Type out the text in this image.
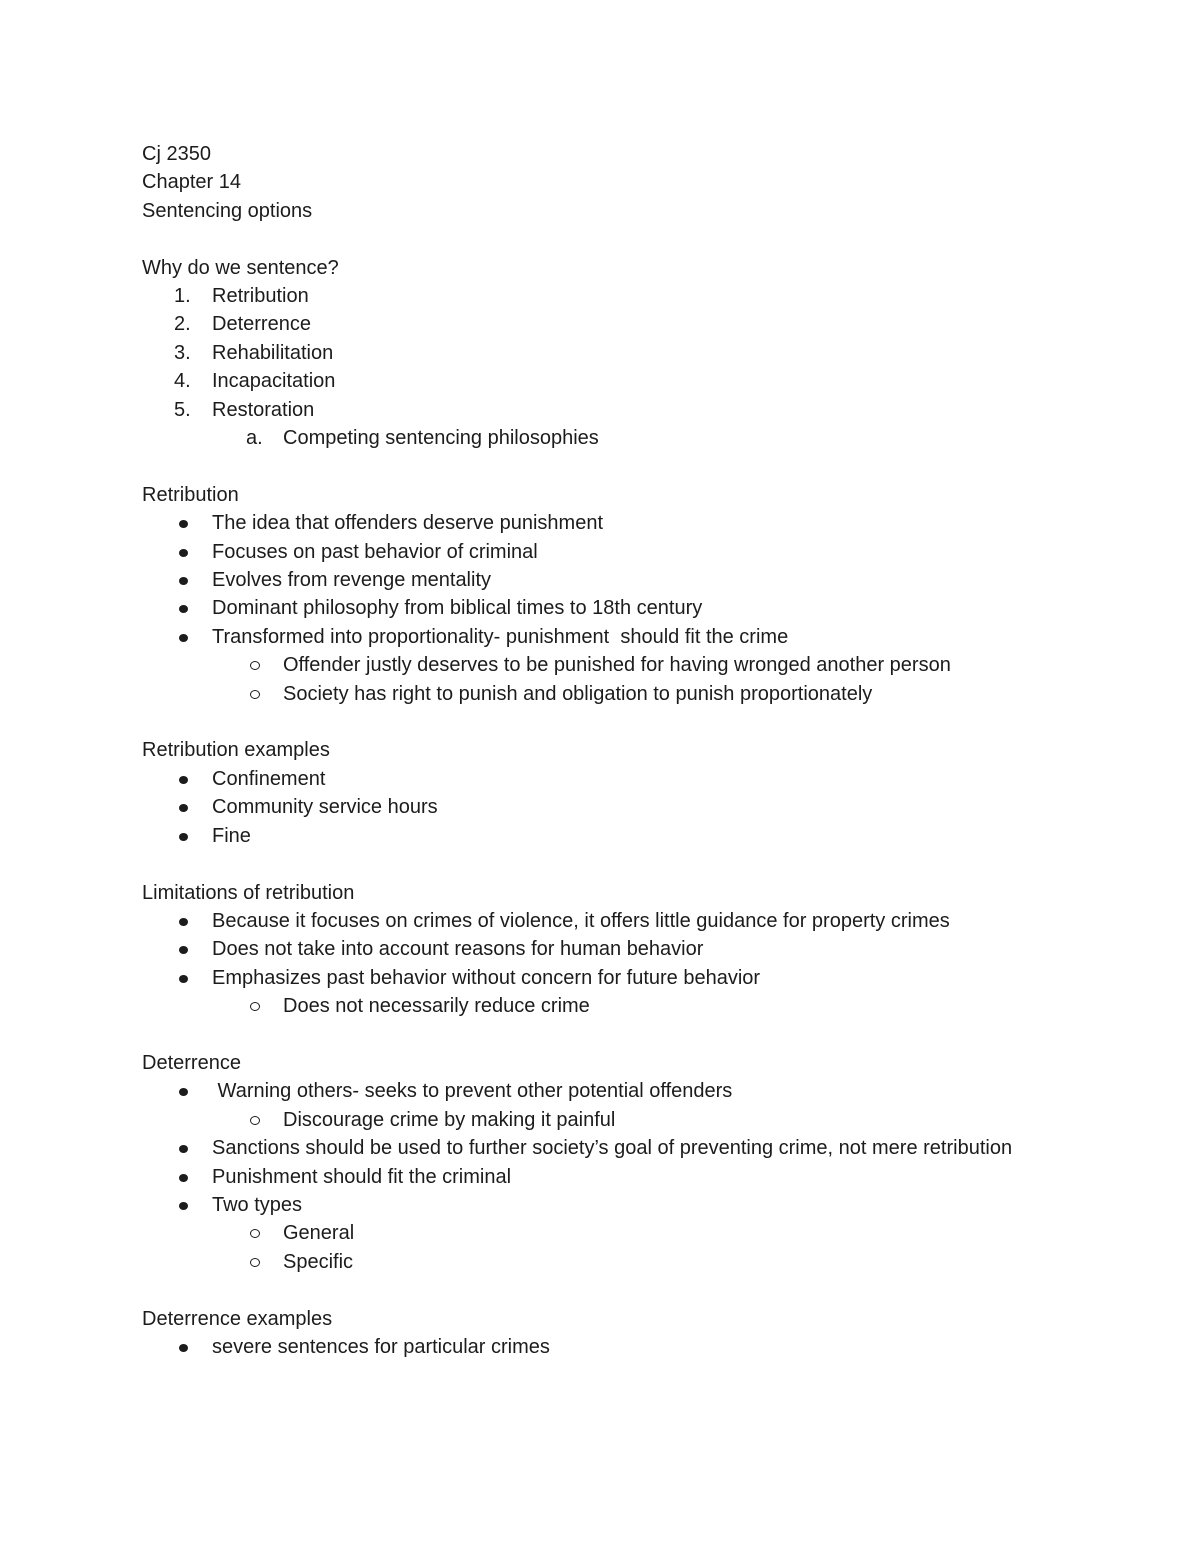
Cj 2350
Chapter 14
Sentencing options
Why do we sentence?
1.	Retribution
2.	Deterrence
3.	Rehabilitation
4.	Incapacitation
5.	Restoration
a.	Competing sentencing philosophies
Retribution
The idea that offenders deserve punishment
Focuses on past behavior of criminal
Evolves from revenge mentality
Dominant philosophy from biblical times to 18th century
Transformed into proportionality- punishment  should fit the crime
Offender justly deserves to be punished for having wronged another person
Society has right to punish and obligation to punish proportionately
Retribution examples
Confinement
Community service hours
Fine
Limitations of retribution
Because it focuses on crimes of violence, it offers little guidance for property crimes
Does not take into account reasons for human behavior
Emphasizes past behavior without concern for future behavior
Does not necessarily reduce crime
Deterrence
Warning others- seeks to prevent other potential offenders
Discourage crime by making it painful
Sanctions should be used to further society’s goal of preventing crime, not mere retribution
Punishment should fit the criminal
Two types
General
Specific
Deterrence examples
severe sentences for particular crimes
